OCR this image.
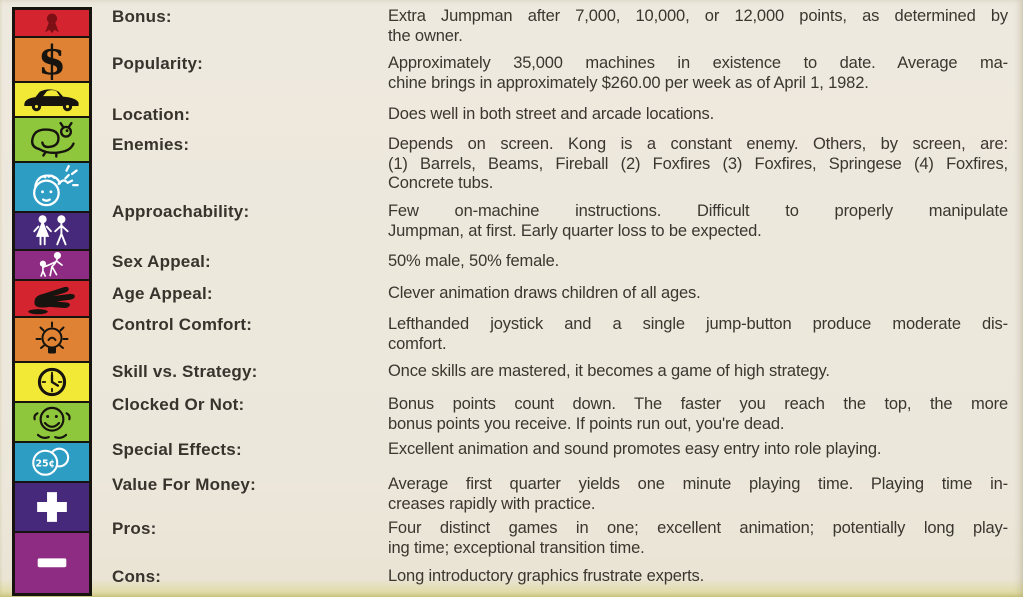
$
25¢
Bonus:	Extra Jumpman after 7,000, 10,000, or 12,000 points, as determined by
the owner.
Popularity:	Approximately 35,000 machines in existence to date. Average ma-
chine brings in approximately $260.00 per week as of April 1, 1982.
Location:	Does well in both street and arcade locations.
Enemies:	Depends on screen. Kong is a constant enemy. Others, by screen, are:
(1) Barrels, Beams, Fireball (2) Foxfires (3) Foxfires, Springese (4) Foxfires,
Concrete tubs.
Approachability:	Few on-machine instructions. Difficult to properly manipulate
Jumpman, at first. Early quarter loss to be expected.
Sex Appeal:	50% male, 50% female.
Age Appeal:	Clever animation draws children of all ages.
Control Comfort:	Lefthanded joystick and a single jump-button produce moderate dis-
comfort.
Skill vs. Strategy:	Once skills are mastered, it becomes a game of high strategy.
Clocked Or Not:	Bonus points count down. The faster you reach the top, the more
bonus points you receive. If points run out, you're dead.
Special Effects:	Excellent animation and sound promotes easy entry into role playing.
Value For Money:	Average first quarter yields one minute playing time. Playing time in-
creases rapidly with practice.
Pros:	Four distinct games in one; excellent animation; potentially long play-
ing time; exceptional transition time.
Cons:	Long introductory graphics frustrate experts.
